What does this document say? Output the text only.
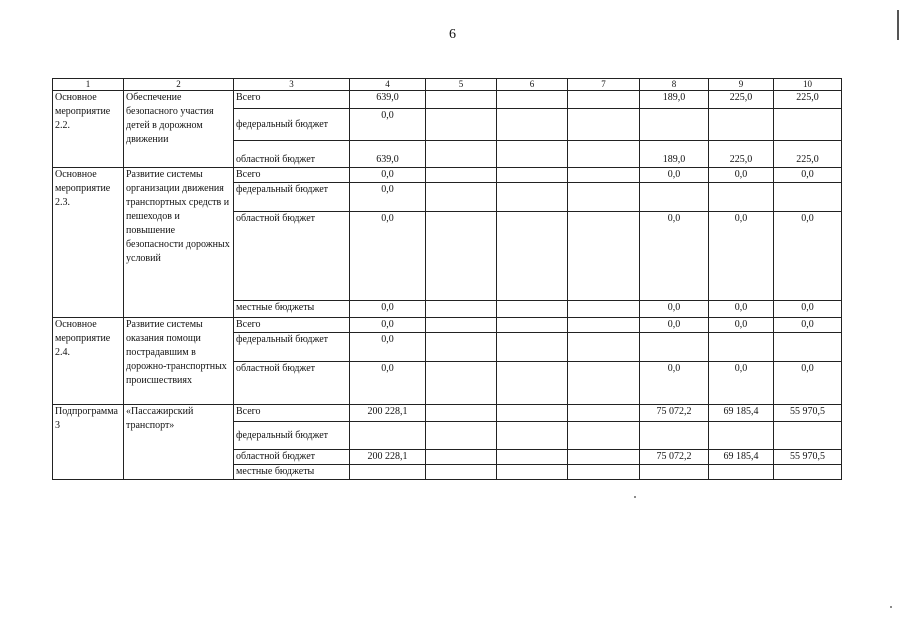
6
1	2	3	4	5	6	7	8	9	10
Основное мероприятие 2.2.	Обеспечение безопасного участия детей в дорожном движении	Всего	639,0				189,0	225,0	225,0
		федеральный бюджет	0,0						
		областной бюджет	639,0				189,0	225,0	225,0
Основное мероприятие 2.3.	Развитие системы организации движения транспортных средств и пешеходов и повышение безопасности дорожных условий	Всего	0,0				0,0	0,0	0,0
		федеральный бюджет	0,0						
		областной бюджет	0,0				0,0	0,0	0,0
		местные бюджеты	0,0				0,0	0,0	0,0
Основное мероприятие 2.4.	Развитие системы оказания помощи пострадавшим в дорожно-транспортных происшествиях	Всего	0,0				0,0	0,0	0,0
		федеральный бюджет	0,0						
		областной бюджет	0,0				0,0	0,0	0,0
Подпрограмма 3	«Пассажирский транспорт»	Всего	200 228,1				75 072,2	69 185,4	55 970,5
		федеральный бюджет							
		областной бюджет	200 228,1				75 072,2	69 185,4	55 970,5
		местные бюджеты							
